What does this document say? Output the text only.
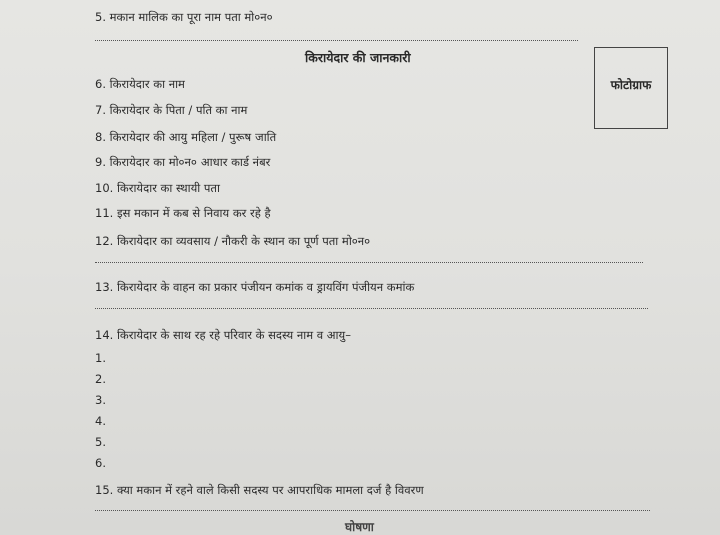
5. मकान मालिक का पूरा नाम पता मो०न०
किरायेदार की जानकारी
फोटोग्राफ
6. किरायेदार का नाम
7. किरायेदार के पिता / पति का नाम
8. किरायेदार की आयु महिला / पुरूष जाति
9. किरायेदार का मो०न० आधार कार्ड नंबर
10. किरायेदार का स्थायी पता
11. इस मकान में कब से निवाय कर रहे है
12. किरायेदार का व्यवसाय / नौकरी के स्थान का पूर्ण पता मो०न०
13. किरायेदार के वाहन का प्रकार पंजीयन कमांक व ड्रायविंग पंजीयन कमांक
14. किरायेदार के साथ रह रहे परिवार के सदस्य नाम व आयु–
1.
2.
3.
4.
5.
6.
15. क्या मकान में रहने वाले किसी सदस्य पर आपराधिक मामला दर्ज है विवरण
घोषणा
